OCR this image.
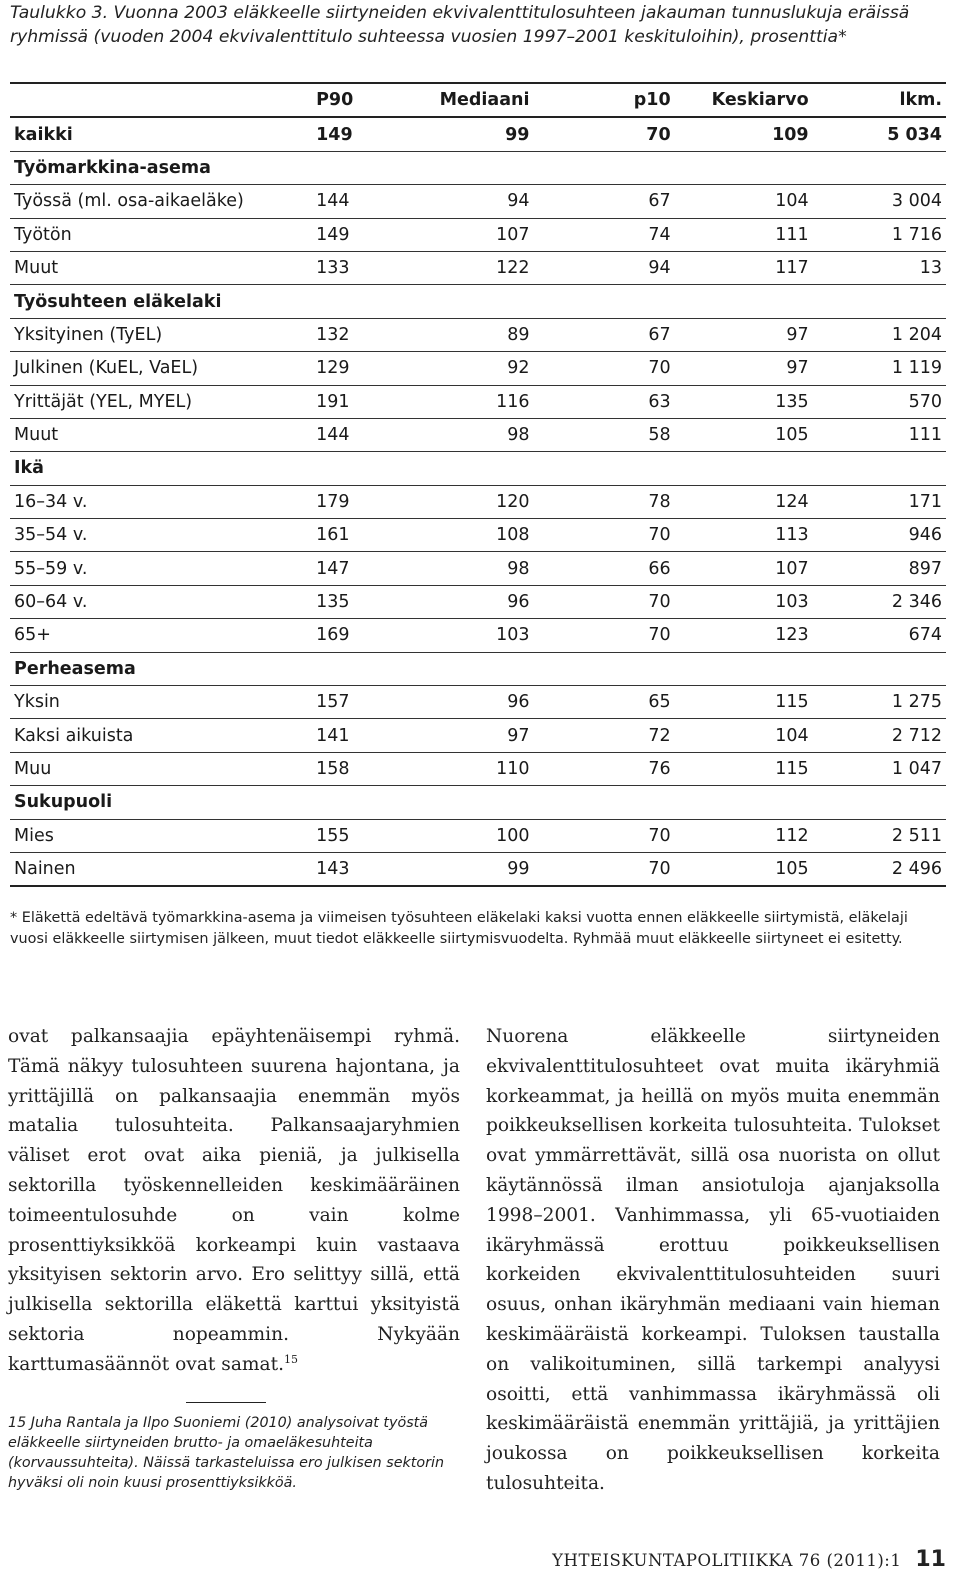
Taulukko 3. Vuonna 2003 eläkkeelle siirtyneiden ekvivalenttitulosuhteen jakauman tunnuslukuja eräissä ryhmissä (vuoden 2004 ekvivalenttitulo suhteessa vuosien 1997–2001 keskituloihin), prosenttia*
	P90	Mediaani	p10	Keskiarvo	lkm.
kaikki	149	99	70	109	5 034
Työmarkkina-asema					
Työssä (ml. osa-aikaeläke)	144	94	67	104	3 004
Työtön	149	107	74	111	1 716
Muut	133	122	94	117	13
Työsuhteen eläkelaki					
Yksityinen (TyEL)	132	89	67	97	1 204
Julkinen (KuEL, VaEL)	129	92	70	97	1 119
Yrittäjät (YEL, MYEL)	191	116	63	135	570
Muut	144	98	58	105	111
Ikä					
16–34 v.	179	120	78	124	171
35–54 v.	161	108	70	113	946
55–59 v.	147	98	66	107	897
60–64 v.	135	96	70	103	2 346
65+	169	103	70	123	674
Perheasema					
Yksin	157	96	65	115	1 275
Kaksi aikuista	141	97	72	104	2 712
Muu	158	110	76	115	1 047
Sukupuoli					
Mies	155	100	70	112	2 511
Nainen	143	99	70	105	2 496
* Eläkettä edeltävä työmarkkina-asema ja viimeisen työsuhteen eläkelaki kaksi vuotta ennen eläkkeelle siirtymistä, eläkelaji vuosi eläkkeelle siirtymisen jälkeen, muut tiedot eläkkeelle siirtymisvuodelta. Ryhmää muut eläkkeelle siirtyneet ei esitetty.
ovat palkansaajia epäyhtenäisempi ryhmä. Tämä näkyy tulosuhteen suurena hajontana, ja yrittäjillä on palkansaajia enemmän myös matalia tulosuhteita. Palkansaajaryhmien väliset erot ovat aika pieniä, ja julkisella sektorilla työskennelleiden keskimääräinen toimeentulosuhde on vain kolme prosenttiyksikköä korkeampi kuin vastaava yksityisen sektorin arvo. Ero selittyy sillä, että julkisella sektorilla eläkettä karttui yksityistä sektoria nopeammin. Nykyään karttumasäännöt ovat samat.$^{15}$
Nuorena eläkkeelle siirtyneiden ekvivalenttitulosuhteet ovat muita ikäryhmiä korkeammat, ja heillä on myös muita enemmän poikkeuksellisen korkeita tulosuhteita. Tulokset ovat ymmärrettävät, sillä osa nuorista on ollut käytännössä ilman ansiotuloja ajanjaksolla 1998–2001. Vanhimmassa, yli 65-vuotiaiden ikäryhmässä erottuu poikkeuksellisen korkeiden ekvivalenttitulosuhteiden suuri osuus, onhan ikäryhmän mediaani vain hieman keskimääräistä korkeampi. Tuloksen taustalla on valikoituminen, sillä tarkempi analyysi osoitti, että vanhimmassa ikäryhmässä oli keskimääräistä enemmän yrittäjiä, ja yrittäjien joukossa on poikkeuksellisen korkeita tulosuhteita.
15 Juha Rantala ja Ilpo Suoniemi (2010) analysoivat työstä eläkkeelle siirtyneiden brutto- ja omaeläkesuhteita (korvaussuhteita). Näissä tarkasteluissa ero julkisen sektorin hyväksi oli noin kuusi prosenttiyksikköä.
YHTEISKUNTAPOLITIIKKA 76 (2011):1 11
